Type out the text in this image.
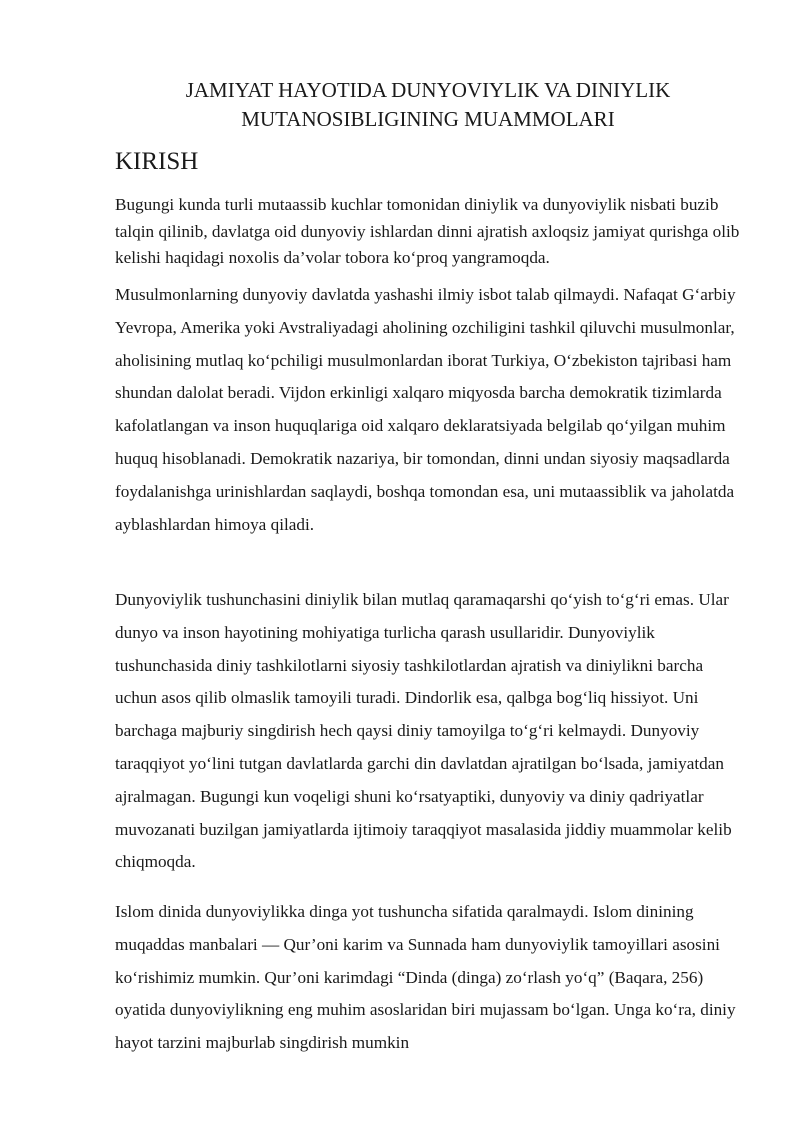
JAMIYAT HAYOTIDA DUNYOVIYLIK VA DINIYLIK
MUTANOSIBLIGINING MUAMMOLARI
KIRISH

Bugungi kunda turli mutaassib kuchlar tomonidan diniylik va dunyoviylik nisbati buzib talqin qilinib, davlatga oid dunyoviy ishlardan dinni ajratish axloqsiz jamiyat qurishga olib kelishi haqidagi noxolis da’volar tobora ko‘proq yangramoqda.

Musulmonlarning dunyoviy davlatda yashashi ilmiy isbot talab qilmaydi. Nafaqat G‘arbiy Yevropa, Amerika yoki Avstraliyadagi aholining ozchiligini tashkil qiluvchi musulmonlar, aholisining mutlaq ko‘pchiligi musulmonlardan iborat Turkiya, O‘zbekiston tajribasi ham shundan dalolat beradi. Vijdon erkinligi xalqaro miqyosda barcha demokratik tizimlarda kafolatlangan va inson huquqlariga oid xalqaro deklaratsiyada belgilab qo‘yilgan muhim huquq hisoblanadi. Demokratik nazariya, bir tomondan, dinni undan siyosiy maqsadlarda foydalanishga urinishlardan saqlaydi, boshqa tomondan esa, uni mutaassiblik va jaholatda ayblashlardan himoya qiladi.

Dunyoviylik tushunchasini diniylik bilan mutlaq qaramaqarshi qo‘yish to‘g‘ri emas. Ular dunyo va inson hayotining mohiyatiga turlicha qarash usullaridir. Dunyoviylik tushunchasida diniy tashkilotlarni siyosiy tashkilotlardan ajratish va diniylikni barcha uchun asos qilib olmaslik tamoyili turadi. Dindorlik esa, qalbga bog‘liq hissiyot. Uni barchaga majburiy singdirish hech qaysi diniy tamoyilga to‘g‘ri kelmaydi. Dunyoviy taraqqiyot yo‘lini tutgan davlatlarda garchi din davlatdan ajratilgan bo‘lsada, jamiyatdan ajralmagan. Bugungi kun voqeligi shuni ko‘rsatyaptiki, dunyoviy va diniy qadriyatlar muvozanati buzilgan jamiyatlarda ijtimoiy taraqqiyot masalasida jiddiy muammolar kelib chiqmoqda.

Islom dinida dunyoviylikka dinga yot tushuncha sifatida qaralmaydi. Islom dinining muqaddas manbalari — Qur’oni karim va Sunnada ham dunyoviylik tamoyillari asosini ko‘rishimiz mumkin. Qur’oni karimdagi “Dinda (dinga) zo‘rlash yo‘q” (Baqara, 256) oyatida dunyoviylikning eng muhim asoslaridan biri mujassam bo‘lgan. Unga ko‘ra, diniy hayot tarzini majburlab singdirish mumkin
